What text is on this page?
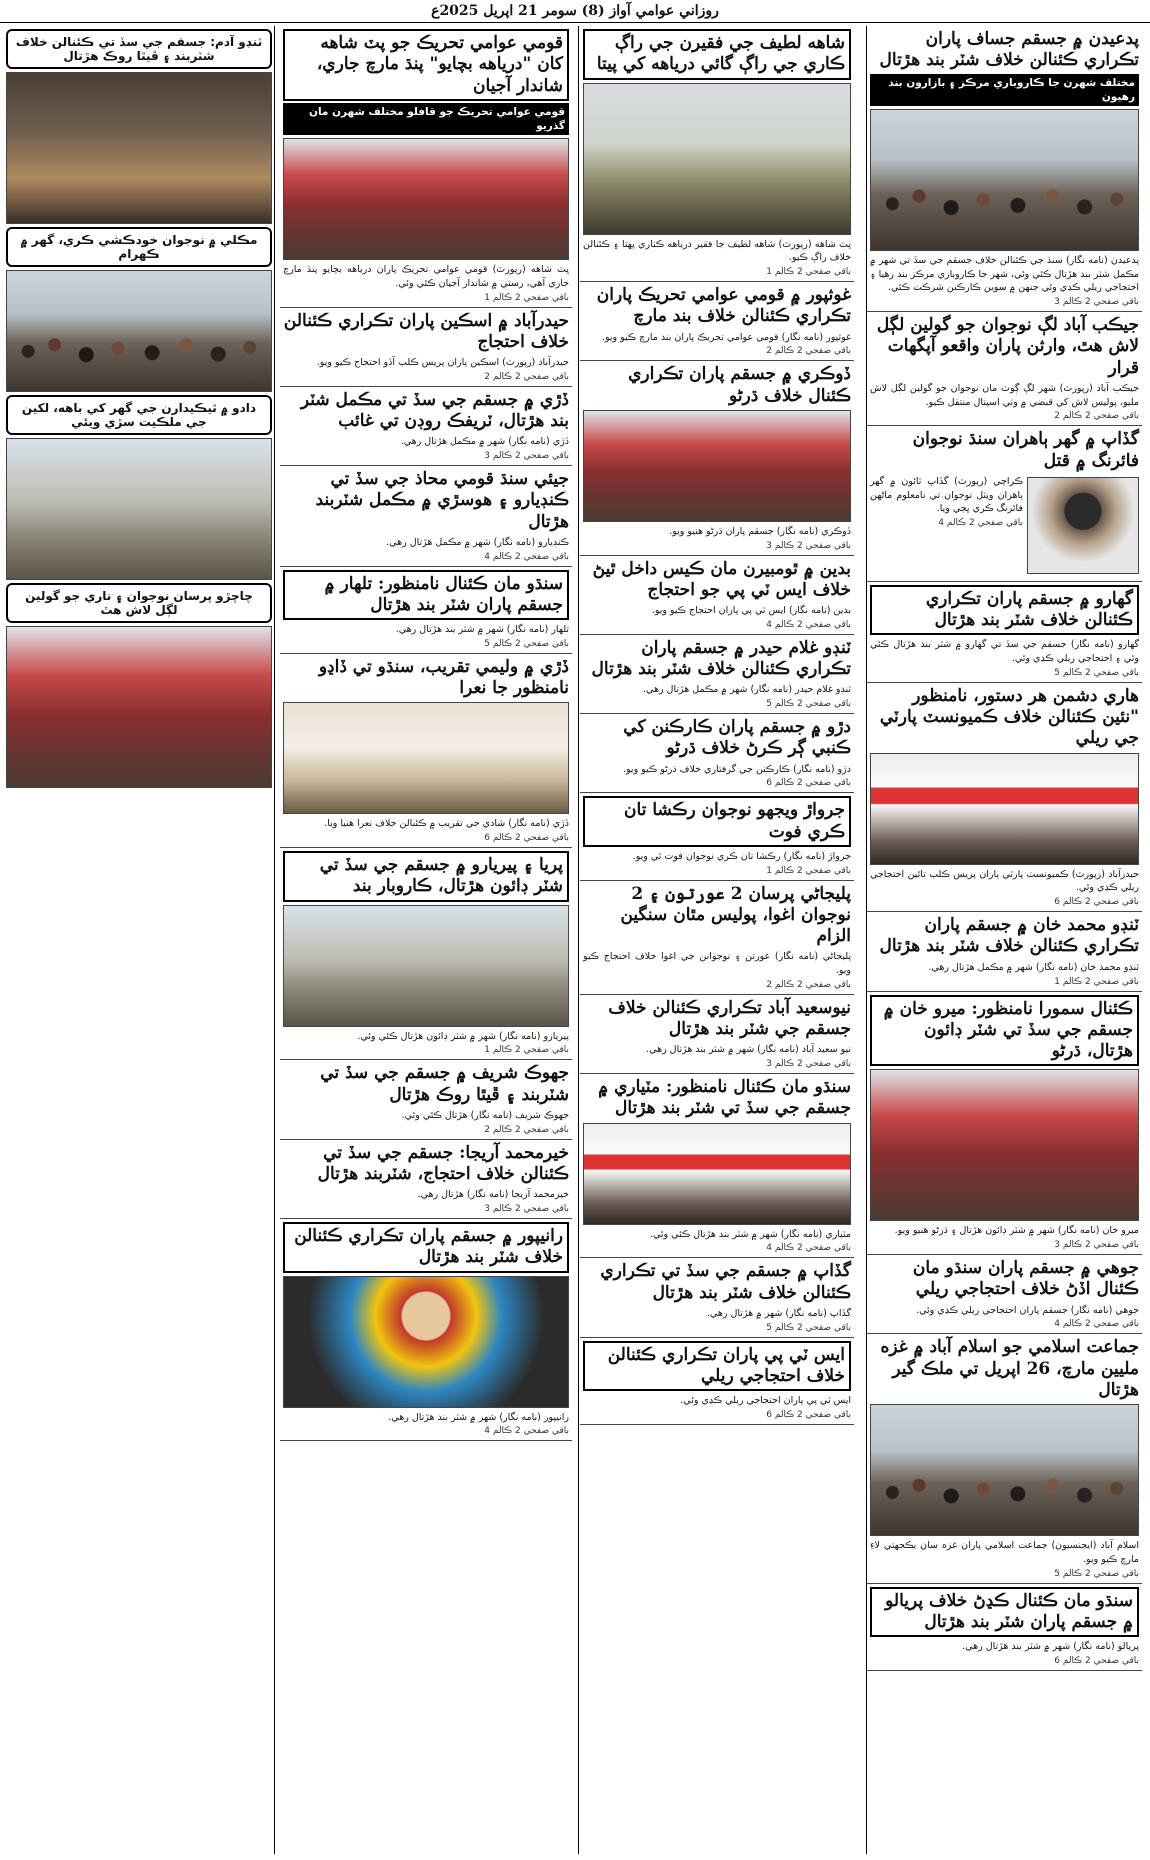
روزاني عوامي آواز (8) سومر 21 اپريل 2025ع
پدعيدن ۾ جسقم جساف پاران تڪراري ڪئنالن خلاف شٽر بند هڙتال
مختلف شهرن جا ڪاروباري مرڪز ۽ بازارون بند رهيون
پدعيدن (نامه نگار) سنڌ جي ڪئنالن خلاف جسقم جي سڏ تي شهر ۾ مڪمل شٽر بند هڙتال ڪئي وئي، شهر جا ڪاروباري مرڪز بند رهيا ۽ احتجاجي ريلي ڪڍي وئي جنهن ۾ سوين ڪارڪنن شرڪت ڪئي.
باقي صفحي 2 ڪالم 3
جيڪب آباد لڳ نوجوان جو گولين لڳل لاش هٿ، وارثن پاران واقعو آپگهات قرار
جيڪب آباد (رپورٽ) شهر لڳ ڳوٺ مان نوجوان جو گولين لڳل لاش مليو، پوليس لاش کي قبضي ۾ وٺي اسپتال منتقل ڪيو.
باقي صفحي 2 ڪالم 2
گڏاپ ۾ گهر ٻاهران سنڌ نوجوان فائرنگ ۾ قتل
ڪراچي (رپورٽ) گڏاپ ٽائون ۾ گهر ٻاهران ويٺل نوجوان تي نامعلوم ماڻهن فائرنگ ڪري ڀڄي ويا.
باقي صفحي 2 ڪالم 4
گهارو ۾ جسقم پاران تڪراري ڪئنالن خلاف شٽر بند هڙتال
گهارو (نامه نگار) جسقم جي سڏ تي گهارو ۾ شٽر بند هڙتال ڪئي وئي ۽ احتجاجي ريلي ڪڍي وئي.
باقي صفحي 2 ڪالم 5
هاري دشمن هر دستور، نامنظور "نئين ڪئنالن خلاف ڪميونسٽ پارٽي جي ريلي
حيدرآباد (رپورٽ) ڪميونسٽ پارٽي پاران پريس ڪلب تائين احتجاجي ريلي ڪڍي وئي.
باقي صفحي 2 ڪالم 6
ٽنڊو محمد خان ۾ جسقم پاران تڪراري ڪئنالن خلاف شٽر بند هڙتال
ٽنڊو محمد خان (نامه نگار) شهر ۾ مڪمل هڙتال رهي.
باقي صفحي 2 ڪالم 1
ڪئنال سمورا نامنظور: ميرو خان ۾ جسقم جي سڏ تي شٽر ڊائون هڙتال، ڌرڻو
ميرو خان (نامه نگار) شهر ۾ شٽر ڊائون هڙتال ۽ ڌرڻو هنيو ويو.
باقي صفحي 2 ڪالم 3
جوهي ۾ جسقم پاران سنڌو مان ڪئنال اڏڻ خلاف احتجاجي ريلي
جوهي (نامه نگار) جسقم پاران احتجاجي ريلي ڪڍي وئي.
باقي صفحي 2 ڪالم 4
جماعت اسلامي جو اسلام آباد ۾ غزه مليين مارچ، 26 اپريل تي ملڪ گير هڙتال
اسلام آباد (ايجنسيون) جماعت اسلامي پاران غزه سان يڪجهتي لاءِ مارچ ڪيو ويو.
باقي صفحي 2 ڪالم 5
سنڌو مان ڪئنال ڪڍڻ خلاف پريالو ۾ جسقم پاران شٽر بند هڙتال
پريالو (نامه نگار) شهر ۾ شٽر بند هڙتال رهي.
باقي صفحي 2 ڪالم 6
شاهه لطيف جي فقيرن جي راڳ ڪاري جي راڳ گائي درياهه کي پيتا
ڀٽ شاهه (رپورٽ) شاهه لطيف جا فقير درياهه ڪناري پهتا ۽ ڪئنالن خلاف راڳ ڪيو.
باقي صفحي 2 ڪالم 1
غوثپور ۾ قومي عوامي تحريڪ پاران تڪراري ڪئنالن خلاف بند مارچ
غوثپور (نامه نگار) قومي عوامي تحريڪ پاران بند مارچ ڪيو ويو.
باقي صفحي 2 ڪالم 2
ڏوڪري ۾ جسقم پاران تڪراري ڪئنال خلاف ڌرڻو
ڏوڪري (نامه نگار) جسقم پاران ڌرڻو هنيو ويو.
باقي صفحي 2 ڪالم 3
بدين ۾ ٿومبيرن مان ڪيس داخل ٿيڻ خلاف ايس ٽي پي جو احتجاج
بدين (نامه نگار) ايس ٽي پي پاران احتجاج ڪيو ويو.
باقي صفحي 2 ڪالم 4
ٽنڊو غلام حيدر ۾ جسقم پاران تڪراري ڪئنالن خلاف شٽر بند هڙتال
ٽنڊو غلام حيدر (نامه نگار) شهر ۾ مڪمل هڙتال رهي.
باقي صفحي 2 ڪالم 5
دڙو ۾ جسقم پاران ڪارڪنن کي ڪنبي ڳر ڪرڻ خلاف ڌرڻو
دڙو (نامه نگار) ڪارڪنن جي گرفتاري خلاف ڌرڻو ڪيو ويو.
باقي صفحي 2 ڪالم 6
جرواڙ ويجهو نوجوان رڪشا تان ڪري فوت
جرواڙ (نامه نگار) رڪشا تان ڪري نوجوان فوت ٿي ويو.
باقي صفحي 2 ڪالم 1
پليجاڻي پرسان 2 عورتون ۽ 2 نوجوان اغوا، پوليس مٿان سنگين الزام
پليجاڻي (نامه نگار) عورتن ۽ نوجوانن جي اغوا خلاف احتجاج ڪيو ويو.
باقي صفحي 2 ڪالم 2
نيوسعيد آباد تڪراري ڪئنالن خلاف جسقم جي شٽر بند هڙتال
نيو سعيد آباد (نامه نگار) شهر ۾ شٽر بند هڙتال رهي.
باقي صفحي 2 ڪالم 3
سنڌو مان ڪئنال نامنظور: مٽياري ۾ جسقم جي سڏ تي شٽر بند هڙتال
مٽياري (نامه نگار) شهر ۾ شٽر بند هڙتال ڪئي وئي.
باقي صفحي 2 ڪالم 4
گڏاپ ۾ جسقم جي سڏ تي تڪراري ڪئنالن خلاف شٽر بند هڙتال
گڏاپ (نامه نگار) شهر ۾ هڙتال رهي.
باقي صفحي 2 ڪالم 5
ايس ٽي پي پاران تڪراري ڪئنالن خلاف احتجاجي ريلي
ايس ٽي پي پاران احتجاجي ريلي ڪڍي وئي.
باقي صفحي 2 ڪالم 6
قومي عوامي تحريڪ جو پٽ شاهه کان "درياهه بچايو" پنڌ مارچ جاري، شاندار آجيان
قومي عوامي تحريڪ جو قافلو مختلف شهرن مان گذريو
ڀٽ شاهه (رپورٽ) قومي عوامي تحريڪ پاران درياهه بچايو پنڌ مارچ جاري آهي، رستي ۾ شاندار آجيان ڪئي وئي.
باقي صفحي 2 ڪالم 1
حيدرآباد ۾ اسڪين پاران تڪراري ڪئنالن خلاف احتجاج
حيدرآباد (رپورٽ) اسڪين پاران پريس ڪلب آڏو احتجاج ڪيو ويو.
باقي صفحي 2 ڪالم 2
ڏڙي ۾ جسقم جي سڏ تي مڪمل شٽر بند هڙتال، ٽريفڪ روڊن تي غائب
ڏڙي (نامه نگار) شهر ۾ مڪمل هڙتال رهي.
باقي صفحي 2 ڪالم 3
جيئي سنڌ قومي محاذ جي سڏ تي ڪنڊيارو ۽ هوسڙي ۾ مڪمل شٽربند هڙتال
ڪنڊيارو (نامه نگار) شهر ۾ مڪمل هڙتال رهي.
باقي صفحي 2 ڪالم 4
سنڌو مان ڪئنال نامنظور: تلهار ۾ جسقم پاران شٽر بند هڙتال
تلهار (نامه نگار) شهر ۾ شٽر بند هڙتال رهي.
باقي صفحي 2 ڪالم 5
ڏڙي ۾ وليمي تقريب، سنڌو تي ڏاڍو نامنظور جا نعرا
ڏڙي (نامه نگار) شادي جي تقريب ۾ ڪئنالن خلاف نعرا هنيا ويا.
باقي صفحي 2 ڪالم 6
پريا ۽ پيريارو ۾ جسقم جي سڏ تي شٽر ڊائون هڙتال، ڪاروبار بند
پيريارو (نامه نگار) شهر ۾ شٽر ڊائون هڙتال ڪئي وئي.
باقي صفحي 2 ڪالم 1
جهوڪ شريف ۾ جسقم جي سڏ تي شٽربند ۽ ڦيٿا روڪ هڙتال
جهوڪ شريف (نامه نگار) هڙتال ڪئي وئي.
باقي صفحي 2 ڪالم 2
خيرمحمد آريجا: جسقم جي سڏ تي ڪئنالن خلاف احتجاج، شٽربند هڙتال
خيرمحمد آريجا (نامه نگار) هڙتال رهي.
باقي صفحي 2 ڪالم 3
رانيپور ۾ جسقم پاران تڪراري ڪئنالن خلاف شٽر بند هڙتال
رانيپور (نامه نگار) شهر ۾ شٽر بند هڙتال رهي.
باقي صفحي 2 ڪالم 4
ٽنڊو آدم: جسقم جي سڏ تي ڪئنالن خلاف شٽربند ۽ ڦيٿا روڪ هڙتال
مڪلي ۾ نوجوان خودڪشي ڪري، گهر ۾ ڪهرام
دادو ۾ ٿيڪيدارن جي گهر کي باهه، لکين جي ملڪيت سڙي ويئي
چاچڙو پرسان نوجوان ۽ ناري جو گولين لڳل لاش هٿ
